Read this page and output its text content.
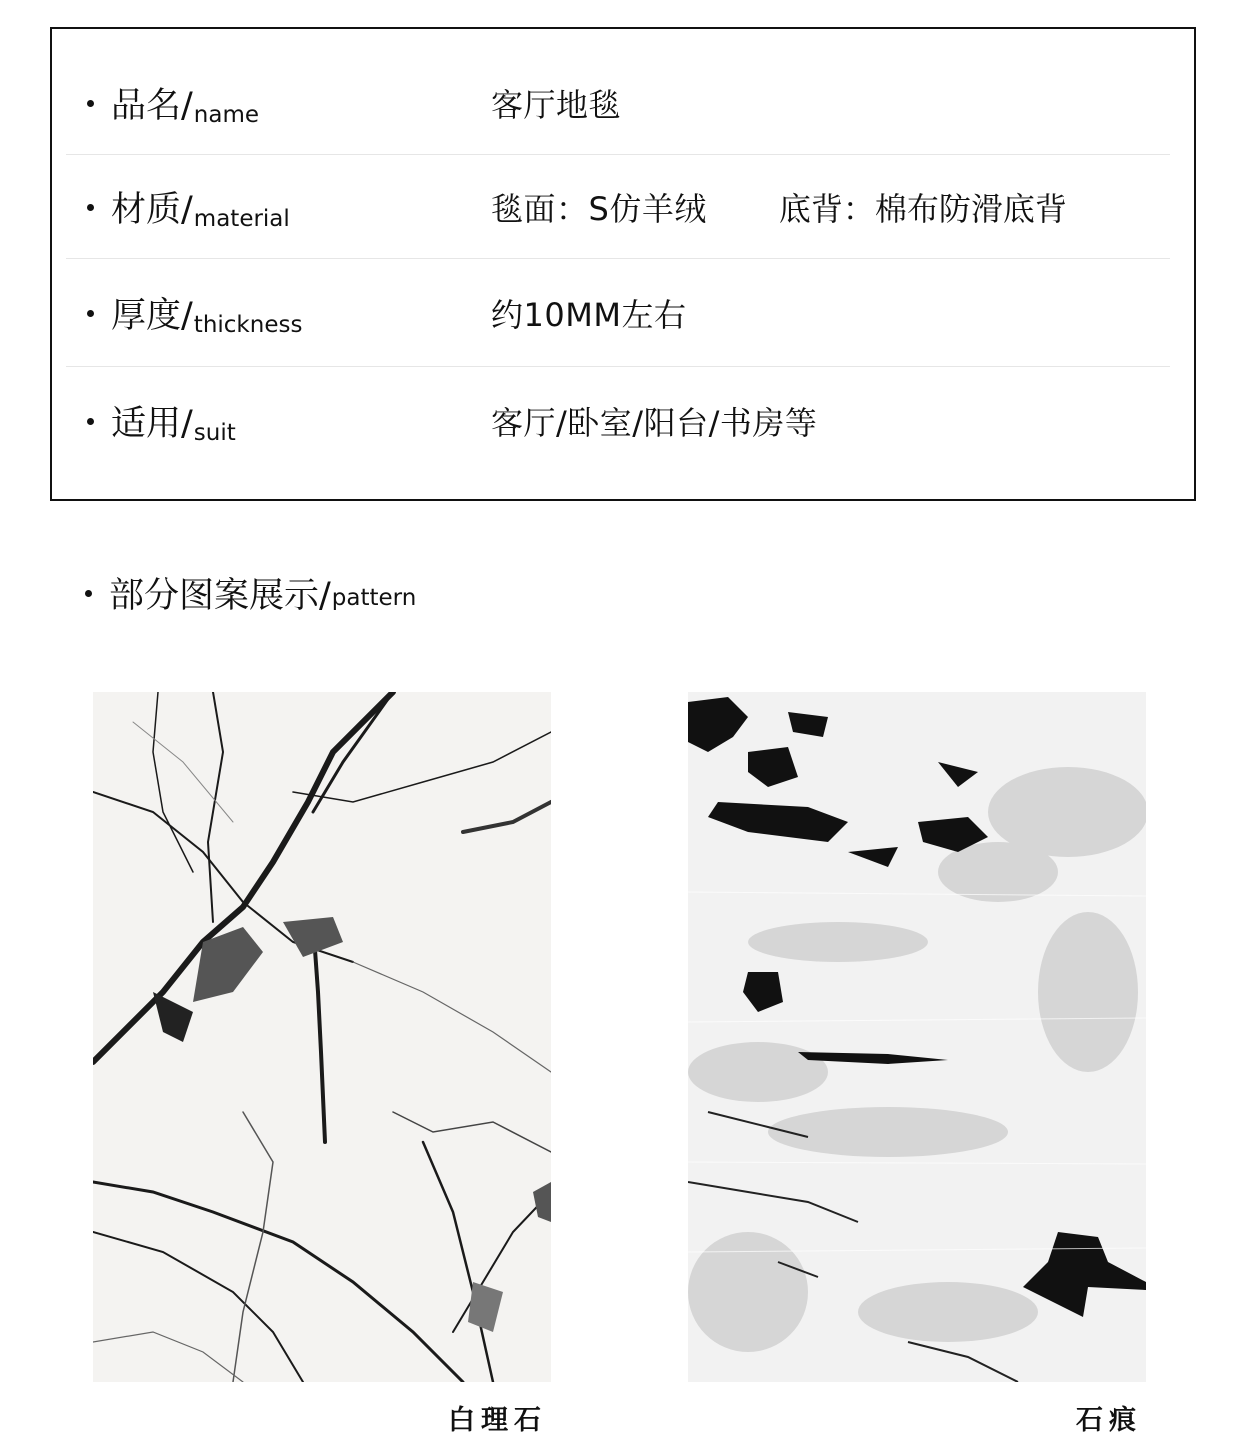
品名/ name	客厅地毯
材质/ material	毯面：S仿羊绒 底背：棉布防滑底背
厚度/ thickness	约10MM左右
适用/ suit	客厅/卧室/阳台/书房等
部分图案展示/ pattern
白理石	石痕
